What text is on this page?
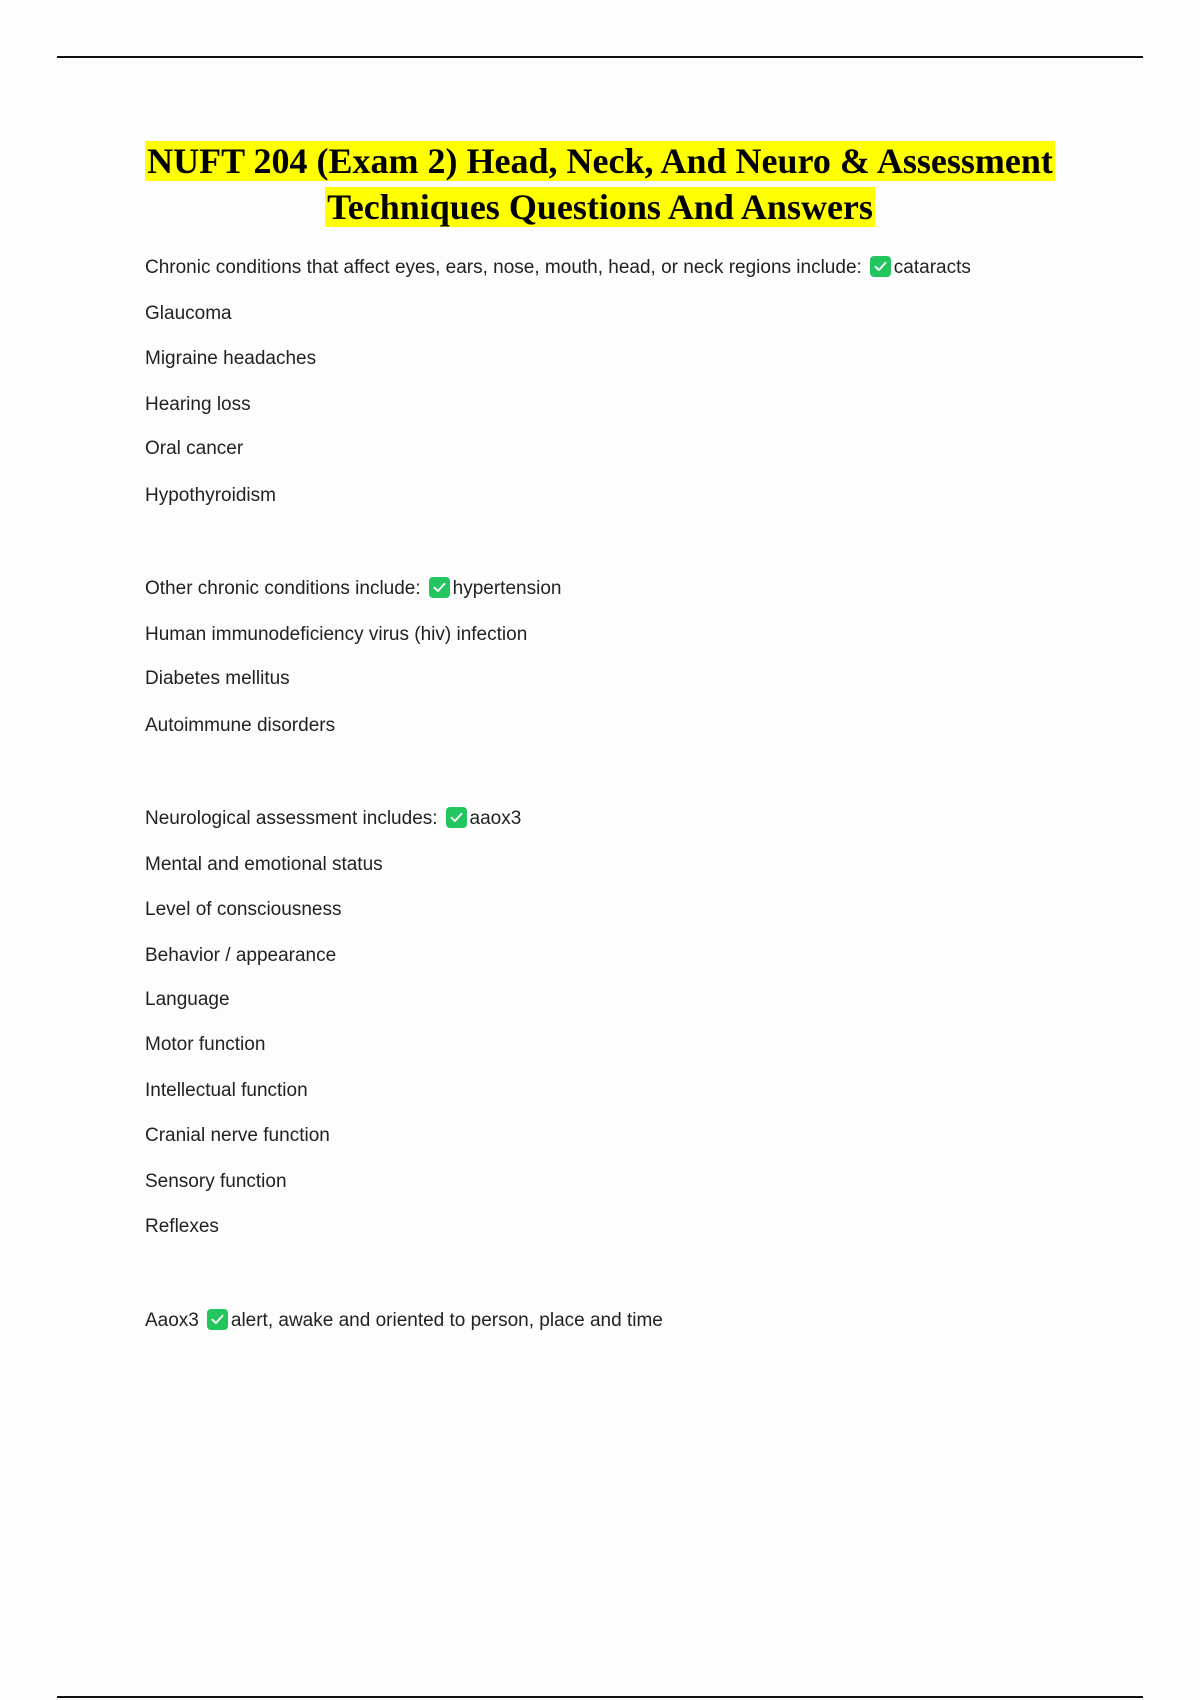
NUFT 204 (Exam 2) Head, Neck, And Neuro & Assessment
Techniques Questions And Answers
Chronic conditions that affect eyes, ears, nose, mouth, head, or neck regions include: cataracts
Glaucoma
Migraine headaches
Hearing loss
Oral cancer
Hypothyroidism
Other chronic conditions include: hypertension
Human immunodeficiency virus (hiv) infection
Diabetes mellitus
Autoimmune disorders
Neurological assessment includes: aaox3
Mental and emotional status
Level of consciousness
Behavior / appearance
Language
Motor function
Intellectual function
Cranial nerve function
Sensory function
Reflexes
Aaox3 alert, awake and oriented to person, place and time
